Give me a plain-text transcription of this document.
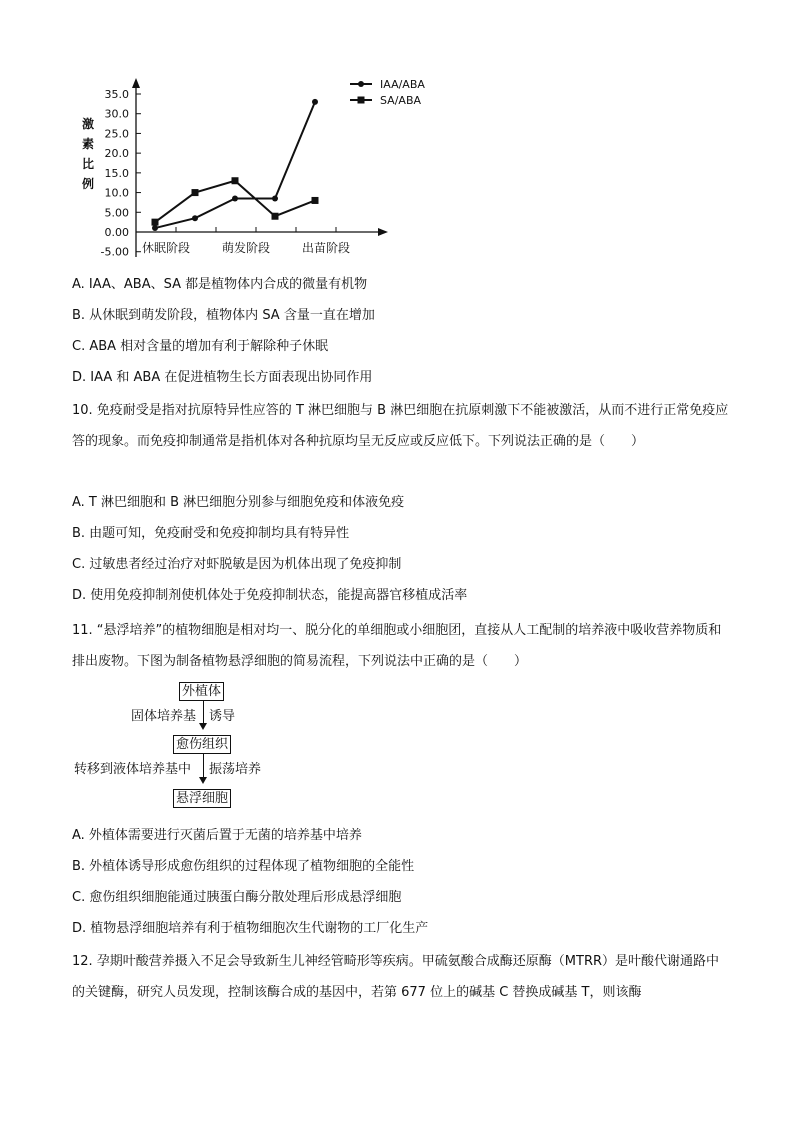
35.0
30.0
25.0
20.0
15.0
10.0
5.00
0.00
-5.00 休眠阶段	萌发阶段	出苗阶段
激
素
比
例
IAA/ABA
SA/ABA
A. IAA、ABA、SA 都是植物体内合成的微量有机物
B. 从休眠到萌发阶段，植物体内 SA 含量一直在增加
C. ABA 相对含量的增加有利于解除种子休眠
D. IAA 和 ABA 在促进植物生长方面表现出协同作用
10. 免疫耐受是指对抗原特异性应答的 T 淋巴细胞与 B 淋巴细胞在抗原刺激下不能被激活，从而不进行正常免疫应答的现象。而免疫抑制通常是指机体对各种抗原均呈无反应或反应低下。下列说法正确的是（　　）
A. T 淋巴细胞和 B 淋巴细胞分别参与细胞免疫和体液免疫
B. 由题可知，免疫耐受和免疫抑制均具有特异性
C. 过敏患者经过治疗对虾脱敏是因为机体出现了免疫抑制
D. 使用免疫抑制剂使机体处于免疫抑制状态，能提高器官移植成活率
11. “悬浮培养”的植物细胞是相对均一、脱分化的单细胞或小细胞团，直接从人工配制的培养液中吸收营养物质和排出废物。下图为制备植物悬浮细胞的简易流程，下列说法中正确的是（　　）
外植体
固体培养基 诱导
愈伤组织
转移到液体培养基中 振荡培养
悬浮细胞
A. 外植体需要进行灭菌后置于无菌的培养基中培养
B. 外植体诱导形成愈伤组织的过程体现了植物细胞的全能性
C. 愈伤组织细胞能通过胰蛋白酶分散处理后形成悬浮细胞
D. 植物悬浮细胞培养有利于植物细胞次生代谢物的工厂化生产
12. 孕期叶酸营养摄入不足会导致新生儿神经管畸形等疾病。甲硫氨酸合成酶还原酶（MTRR）是叶酸代谢通路中的关键酶，研究人员发现，控制该酶合成的基因中，若第 677 位上的碱基 C 替换成碱基 T，则该酶
